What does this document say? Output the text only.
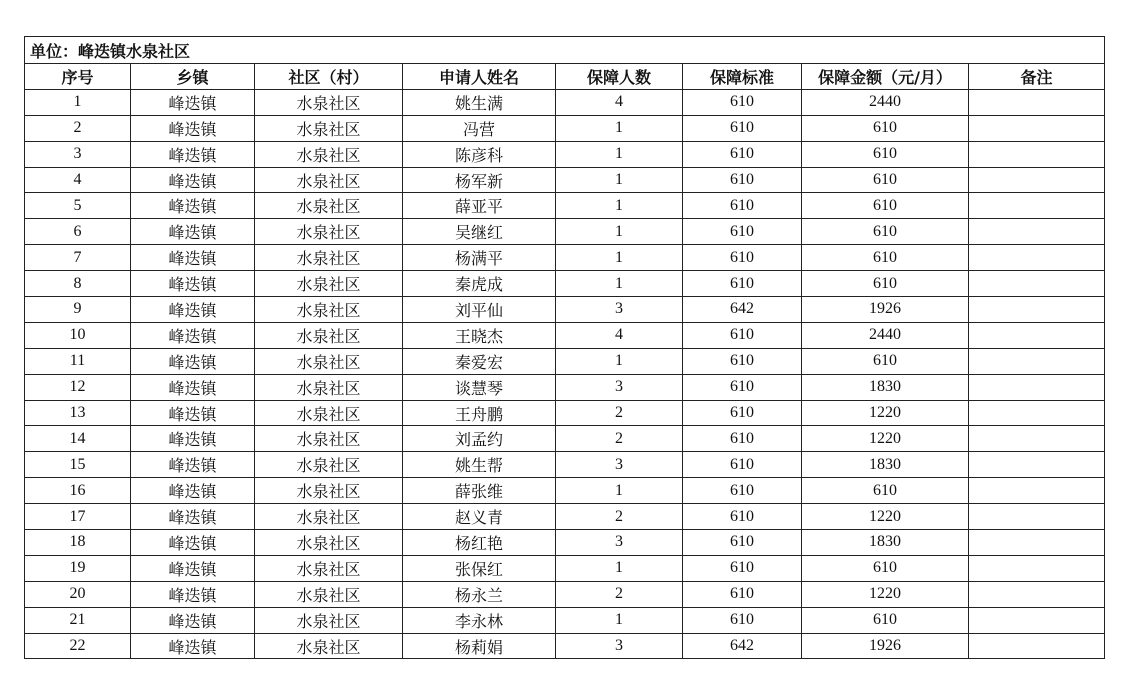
单位：峰迭镇水泉社区							
序号	乡镇	社区（村）	申请人姓名	保障人数	保障标准	保障金额（元/月）	备注
1	峰迭镇	水泉社区	姚生满	4	610	2440	
2	峰迭镇	水泉社区	冯营	1	610	610	
3	峰迭镇	水泉社区	陈彦科	1	610	610	
4	峰迭镇	水泉社区	杨军新	1	610	610	
5	峰迭镇	水泉社区	薛亚平	1	610	610	
6	峰迭镇	水泉社区	吴继红	1	610	610	
7	峰迭镇	水泉社区	杨满平	1	610	610	
8	峰迭镇	水泉社区	秦虎成	1	610	610	
9	峰迭镇	水泉社区	刘平仙	3	642	1926	
10	峰迭镇	水泉社区	王晓杰	4	610	2440	
11	峰迭镇	水泉社区	秦爱宏	1	610	610	
12	峰迭镇	水泉社区	谈慧琴	3	610	1830	
13	峰迭镇	水泉社区	王舟鹏	2	610	1220	
14	峰迭镇	水泉社区	刘孟约	2	610	1220	
15	峰迭镇	水泉社区	姚生帮	3	610	1830	
16	峰迭镇	水泉社区	薛张维	1	610	610	
17	峰迭镇	水泉社区	赵义青	2	610	1220	
18	峰迭镇	水泉社区	杨红艳	3	610	1830	
19	峰迭镇	水泉社区	张保红	1	610	610	
20	峰迭镇	水泉社区	杨永兰	2	610	1220	
21	峰迭镇	水泉社区	李永林	1	610	610	
22	峰迭镇	水泉社区	杨莉娟	3	642	1926	
